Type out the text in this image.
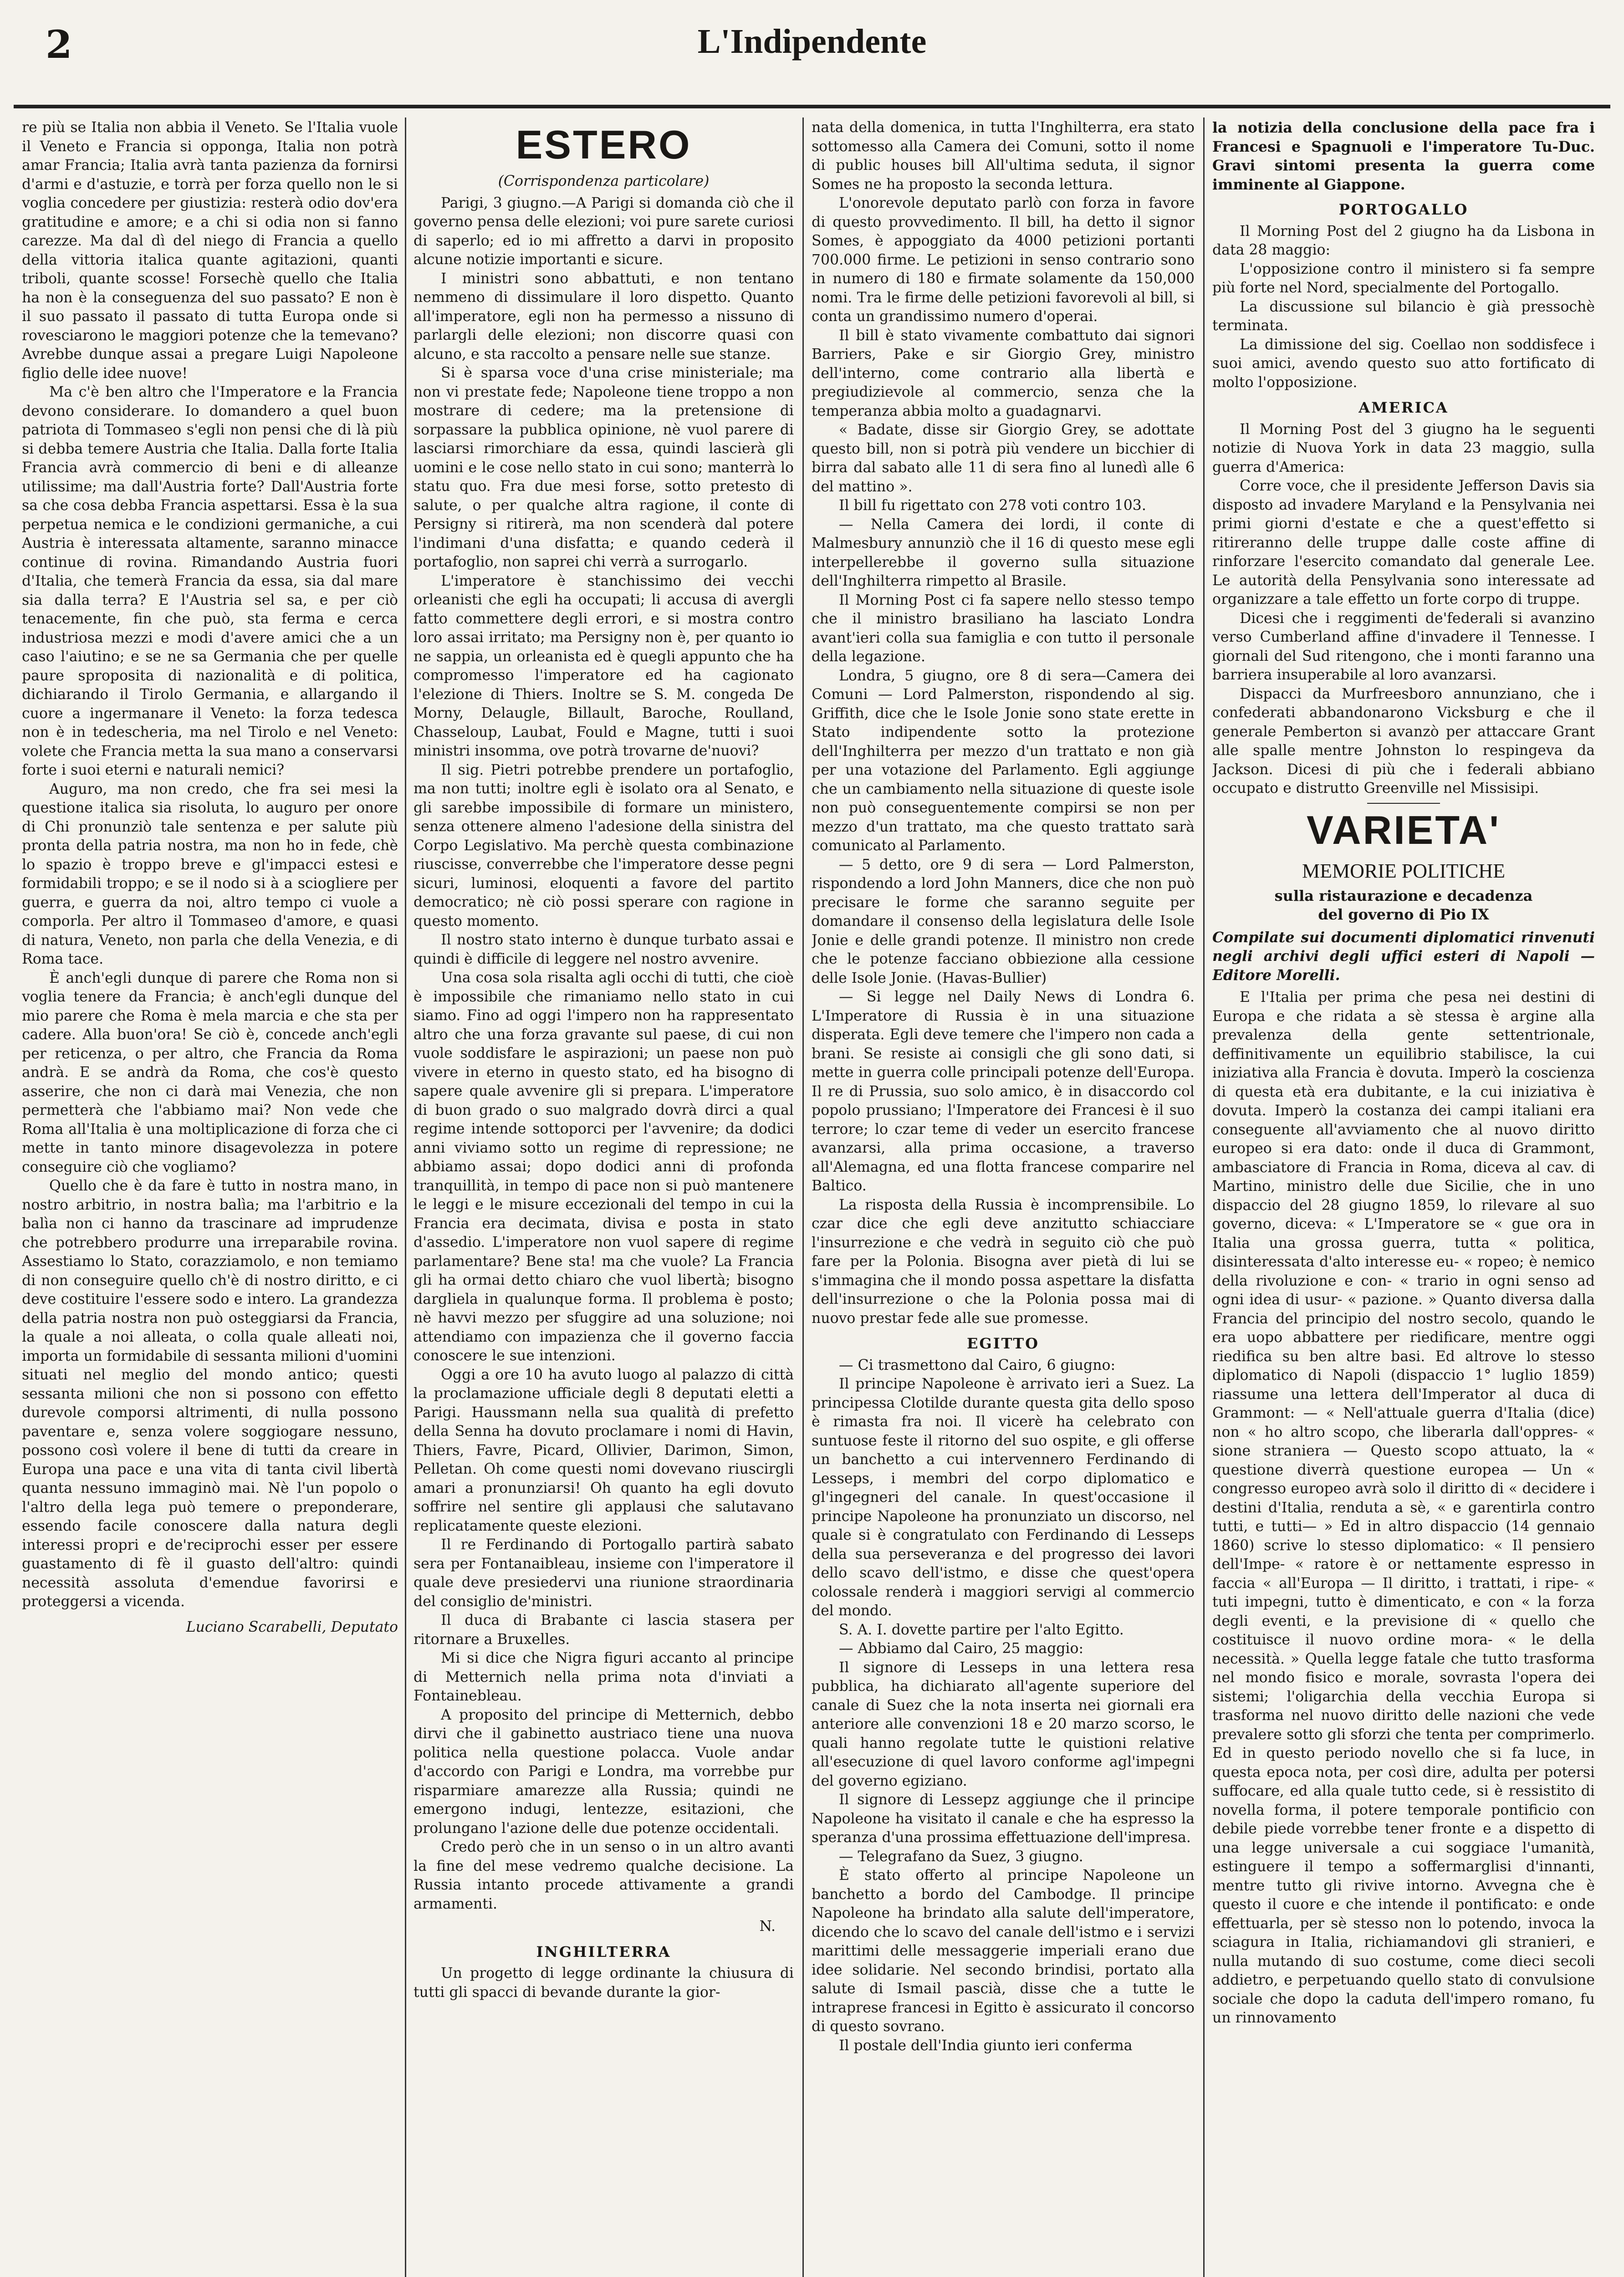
2	L'Indipendente

re più se Italia non abbia il Veneto. Se l'Italia vuole il Veneto e Francia si opponga, Italia non potrà amar Francia; Italia avrà tanta pazienza da fornirsi d'armi e d'astuzie, e torrà per forza quello non le si voglia concedere per giustizia: resterà odio dov'era gratitudine e amore; e a chi si odia non si fanno carezze. Ma dal dì del niego di Francia a quello della vittoria italica quante agitazioni, quanti triboli, quante scosse! Forsechè quello che Italia ha non è la conseguenza del suo passato? E non è il suo passato il passato di tutta Europa onde si rovesciarono le maggiori potenze che la temevano? Avrebbe dunque assai a pregare Luigi Napoleone figlio delle idee nuove!

Ma c'è ben altro che l'Imperatore e la Francia devono considerare. Io domandero a quel buon patriota di Tommaseo s'egli non pensi che di là più si debba temere Austria che Italia. Dalla forte Italia Francia avrà commercio di beni e di alleanze utilissime; ma dall'Austria forte? Dall'Austria forte sa che cosa debba Francia aspettarsi. Essa è la sua perpetua nemica e le condizioni germaniche, a cui Austria è interessata altamente, saranno minacce continue di rovina. Rimandando Austria fuori d'Italia, che temerà Francia da essa, sia dal mare sia dalla terra? E l'Austria sel sa, e per ciò tenacemente, fin che può, sta ferma e cerca industriosa mezzi e modi d'avere amici che a un caso l'aiutino; e se ne sa Germania che per quelle paure sproposita di nazionalità e di politica, dichiarando il Tirolo Germania, e allargando il cuore a ingermanare il Veneto: la forza tedesca non è in tedescheria, ma nel Tirolo e nel Veneto: volete che Francia metta la sua mano a conservarsi forte i suoi eterni e naturali nemici?

Auguro, ma non credo, che fra sei mesi la questione italica sia risoluta, lo auguro per onore di Chi pronunziò tale sentenza e per salute più pronta della patria nostra, ma non ho in fede, chè lo spazio è troppo breve e gl'impacci estesi e formidabili troppo; e se il nodo si à a sciogliere per guerra, e guerra da noi, altro tempo ci vuole a comporla. Per altro il Tommaseo d'amore, e quasi di natura, Veneto, non parla che della Venezia, e di Roma tace.

È anch'egli dunque di parere che Roma non si voglia tenere da Francia; è anch'egli dunque del mio parere che Roma è mela marcia e che sta per cadere. Alla buon'ora! Se ciò è, concede anch'egli per reticenza, o per altro, che Francia da Roma andrà. E se andrà da Roma, che cos'è questo asserire, che non ci darà mai Venezia, che non permetterà che l'abbiamo mai? Non vede che Roma all'Italia è una moltiplicazione di forza che ci mette in tanto minore disagevolezza in potere conseguire ciò che vogliamo?

Quello che è da fare è tutto in nostra mano, in nostro arbitrio, in nostra balìa; ma l'arbitrio e la balìa non ci hanno da trascinare ad imprudenze che potrebbero produrre una irreparabile rovina. Assestiamo lo Stato, corazziamolo, e non temiamo di non conseguire quello ch'è di nostro diritto, e ci deve costituire l'essere sodo e intero. La grandezza della patria nostra non può osteggiarsi da Francia, la quale a noi alleata, o colla quale alleati noi, importa un formidabile di sessanta milioni d'uomini situati nel meglio del mondo antico; questi sessanta milioni che non si possono con effetto durevole comporsi altrimenti, di nulla possono paventare e, senza volere soggiogare nessuno, possono così volere il bene di tutti da creare in Europa una pace e una vita di tanta civil libertà quanta nessuno immaginò mai. Nè l'un popolo o l'altro della lega può temere o preponderare, essendo facile conoscere dalla natura degli interessi propri e de'reciprochi esser per essere guastamento di fè il guasto dell'altro: quindi necessità assoluta d'emendue favorirsi e proteggersi a vicenda.

Luciano Scarabelli, Deputato
ESTERO
(Corrispondenza particolare)

Parigi, 3 giugno.—A Parigi si domanda ciò che il governo pensa delle elezioni; voi pure sarete curiosi di saperlo; ed io mi affretto a darvi in proposito alcune notizie importanti e sicure.

I ministri sono abbattuti, e non tentano nemmeno di dissimulare il loro dispetto. Quanto all'imperatore, egli non ha permesso a nissuno di parlargli delle elezioni; non discorre quasi con alcuno, e sta raccolto a pensare nelle sue stanze.

Si è sparsa voce d'una crise ministeriale; ma non vi prestate fede; Napoleone tiene troppo a non mostrare di cedere; ma la pretensione di sorpassare la pubblica opinione, nè vuol parere di lasciarsi rimorchiare da essa, quindi lascierà gli uomini e le cose nello stato in cui sono; manterrà lo statu quo. Fra due mesi forse, sotto pretesto di salute, o per qualche altra ragione, il conte di Persigny si ritirerà, ma non scenderà dal potere l'indimani d'una disfatta; e quando cederà il portafoglio, non saprei chi verrà a surrogarlo.

L'imperatore è stanchissimo dei vecchi orleanisti che egli ha occupati; li accusa di avergli fatto commettere degli errori, e si mostra contro loro assai irritato; ma Persigny non è, per quanto io ne sappia, un orleanista ed è quegli appunto che ha compromesso l'imperatore ed ha cagionato l'elezione di Thiers. Inoltre se S. M. congeda De Morny, Delaugle, Billault, Baroche, Roulland, Chasseloup, Laubat, Fould e Magne, tutti i suoi ministri insomma, ove potrà trovarne de'nuovi?

Il sig. Pietri potrebbe prendere un portafoglio, ma non tutti; inoltre egli è isolato ora al Senato, e gli sarebbe impossibile di formare un ministero, senza ottenere almeno l'adesione della sinistra del Corpo Legislativo. Ma perchè questa combinazione riuscisse, converrebbe che l'imperatore desse pegni sicuri, luminosi, eloquenti a favore del partito democratico; nè ciò possi sperare con ragione in questo momento.

Il nostro stato interno è dunque turbato assai e quindi è difficile di leggere nel nostro avvenire.

Una cosa sola risalta agli occhi di tutti, che cioè è impossibile che rimaniamo nello stato in cui siamo. Fino ad oggi l'impero non ha rappresentato altro che una forza gravante sul paese, di cui non vuole soddisfare le aspirazioni; un paese non può vivere in eterno in questo stato, ed ha bisogno di sapere quale avvenire gli si prepara. L'imperatore di buon grado o suo malgrado dovrà dirci a qual regime intende sottoporci per l'avvenire; da dodici anni viviamo sotto un regime di repressione; ne abbiamo assai; dopo dodici anni di profonda tranquillità, in tempo di pace non si può mantenere le leggi e le misure eccezionali del tempo in cui la Francia era decimata, divisa e posta in stato d'assedio. L'imperatore non vuol sapere di regime parlamentare? Bene sta! ma che vuole? La Francia gli ha ormai detto chiaro che vuol libertà; bisogno dargliela in qualunque forma. Il problema è posto; nè havvi mezzo per sfuggire ad una soluzione; noi attendiamo con impazienza che il governo faccia conoscere le sue intenzioni.

Oggi a ore 10 ha avuto luogo al palazzo di città la proclamazione ufficiale degli 8 deputati eletti a Parigi. Haussmann nella sua qualità di prefetto della Senna ha dovuto proclamare i nomi di Havin, Thiers, Favre, Picard, Ollivier, Darimon, Simon, Pelletan. Oh come questi nomi dovevano riuscirgli amari a pronunziarsi! Oh quanto ha egli dovuto soffrire nel sentire gli applausi che salutavano replicatamente queste elezioni.

Il re Ferdinando di Portogallo partirà sabato sera per Fontanaibleau, insieme con l'imperatore il quale deve presiedervi una riunione straordinaria del consiglio de'ministri.

Il duca di Brabante ci lascia stasera per ritornare a Bruxelles.

Mi si dice che Nigra figuri accanto al principe di Metternich nella prima nota d'inviati a Fontainebleau.

A proposito del principe di Metternich, debbo dirvi che il gabinetto austriaco tiene una nuova politica nella questione polacca. Vuole andar d'accordo con Parigi e Londra, ma vorrebbe pur risparmiare amarezze alla Russia; quindi ne emergono indugi, lentezze, esitazioni, che prolungano l'azione delle due potenze occidentali.

Credo però che in un senso o in un altro avanti la fine del mese vedremo qualche decisione. La Russia intanto procede attivamente a grandi armamenti.

N.
INGHILTERRA

Un progetto di legge ordinante la chiusura di tutti gli spacci di bevande durante la gior-

nata della domenica, in tutta l'Inghilterra, era stato sottomesso alla Camera dei Comuni, sotto il nome di public houses bill All'ultima seduta, il signor Somes ne ha proposto la seconda lettura.

L'onorevole deputato parlò con forza in favore di questo provvedimento. Il bill, ha detto il signor Somes, è appoggiato da 4000 petizioni portanti 700.000 firme. Le petizioni in senso contrario sono in numero di 180 e firmate solamente da 150,000 nomi. Tra le firme delle petizioni favorevoli al bill, si conta un grandissimo numero d'operai.

Il bill è stato vivamente combattuto dai signori Barriers, Pake e sir Giorgio Grey, ministro dell'interno, come contrario alla libertà e pregiudizievole al commercio, senza che la temperanza abbia molto a guadagnarvi.

« Badate, disse sir Giorgio Grey, se adottate questo bill, non si potrà più vendere un bicchier di birra dal sabato alle 11 di sera fino al lunedì alle 6 del mattino ».

Il bill fu rigettato con 278 voti contro 103.

— Nella Camera dei lordi, il conte di Malmesbury annunziò che il 16 di questo mese egli interpellerebbe il governo sulla situazione dell'Inghilterra rimpetto al Brasile.

Il Morning Post ci fa sapere nello stesso tempo che il ministro brasiliano ha lasciato Londra avant'ieri colla sua famiglia e con tutto il personale della legazione.

Londra, 5 giugno, ore 8 di sera—Camera dei Comuni — Lord Palmerston, rispondendo al sig. Griffith, dice che le Isole Jonie sono state erette in Stato indipendente sotto la protezione dell'Inghilterra per mezzo d'un trattato e non già per una votazione del Parlamento. Egli aggiunge che un cambiamento nella situazione di queste isole non può conseguentemente compirsi se non per mezzo d'un trattato, ma che questo trattato sarà comunicato al Parlamento.

— 5 detto, ore 9 di sera — Lord Palmerston, rispondendo a lord John Manners, dice che non può precisare le forme che saranno seguite per domandare il consenso della legislatura delle Isole Jonie e delle grandi potenze. Il ministro non crede che le potenze facciano obbiezione alla cessione delle Isole Jonie. (Havas-Bullier)

— Si legge nel Daily News di Londra 6. L'Imperatore di Russia è in una situazione disperata. Egli deve temere che l'impero non cada a brani. Se resiste ai consigli che gli sono dati, si mette in guerra colle principali potenze dell'Europa. Il re di Prussia, suo solo amico, è in disaccordo col popolo prussiano; l'Imperatore dei Francesi è il suo terrore; lo czar teme di veder un esercito francese avanzarsi, alla prima occasione, a traverso all'Alemagna, ed una flotta francese comparire nel Baltico.

La risposta della Russia è incomprensibile. Lo czar dice che egli deve anzitutto schiacciare l'insurrezione e che vedrà in seguito ciò che può fare per la Polonia. Bisogna aver pietà di lui se s'immagina che il mondo possa aspettare la disfatta dell'insurrezione o che la Polonia possa mai di nuovo prestar fede alle sue promesse.

EGITTO

— Ci trasmettono dal Cairo, 6 giugno:

Il principe Napoleone è arrivato ieri a Suez. La principessa Clotilde durante questa gita dello sposo è rimasta fra noi. Il vicerè ha celebrato con suntuose feste il ritorno del suo ospite, e gli offerse un banchetto a cui intervennero Ferdinando di Lesseps, i membri del corpo diplomatico e gl'ingegneri del canale. In quest'occasione il principe Napoleone ha pronunziato un discorso, nel quale si è congratulato con Ferdinando di Lesseps della sua perseveranza e del progresso dei lavori dello scavo dell'istmo, e disse che quest'opera colossale renderà i maggiori servigi al commercio del mondo.

S. A. I. dovette partire per l'alto Egitto.

— Abbiamo dal Cairo, 25 maggio:

Il signore di Lesseps in una lettera resa pubblica, ha dichiarato all'agente superiore del canale di Suez che la nota inserta nei giornali era anteriore alle convenzioni 18 e 20 marzo scorso, le quali hanno regolate tutte le quistioni relative all'esecuzione di quel lavoro conforme agl'impegni del governo egiziano.

Il signore di Lessepz aggiunge che il principe Napoleone ha visitato il canale e che ha espresso la speranza d'una prossima effettuazione dell'impresa.

— Telegrafano da Suez, 3 giugno.

È stato offerto al principe Napoleone un banchetto a bordo del Cambodge. Il principe Napoleone ha brindato alla salute dell'imperatore, dicendo che lo scavo del canale dell'istmo e i servizi marittimi delle messaggerie imperiali erano due idee solidarie. Nel secondo brindisi, portato alla salute di Ismail pascià, disse che a tutte le intraprese francesi in Egitto è assicurato il concorso di questo sovrano.

Il postale dell'India giunto ieri conferma

la notizia della conclusione della pace fra i Francesi e Spagnuoli e l'imperatore Tu-Duc. Gravi sintomi presenta la guerra come imminente al Giappone.

PORTOGALLO

Il Morning Post del 2 giugno ha da Lisbona in data 28 maggio:

L'opposizione contro il ministero si fa sempre più forte nel Nord, specialmente del Portogallo.

La discussione sul bilancio è già pressochè terminata.

La dimissione del sig. Coellao non soddisfece i suoi amici, avendo questo suo atto fortificato di molto l'opposizione.

AMERICA

Il Morning Post del 3 giugno ha le seguenti notizie di Nuova York in data 23 maggio, sulla guerra d'America:

Corre voce, che il presidente Jefferson Davis sia disposto ad invadere Maryland e la Pensylvania nei primi giorni d'estate e che a quest'effetto si ritireranno delle truppe dalle coste affine di rinforzare l'esercito comandato dal generale Lee. Le autorità della Pensylvania sono interessate ad organizzare a tale effetto un forte corpo di truppe.

Dicesi che i reggimenti de'federali si avanzino verso Cumberland affine d'invadere il Tennesse. I giornali del Sud ritengono, che i monti faranno una barriera insuperabile al loro avanzarsi.

Dispacci da Murfreesboro annunziano, che i confederati abbandonarono Vicksburg e che il generale Pemberton si avanzò per attaccare Grant alle spalle mentre Johnston lo respingeva da Jackson. Dicesi di più che i federali abbiano occupato e distrutto Greenville nel Missisipi.

VARIETA'
MEMORIE POLITICHE
sulla ristaurazione e decadenza
del governo di Pio IX

Compilate sui documenti diplomatici rinvenuti negli archivi degli uffici esteri di Napoli — Editore Morelli.

E l'Italia per prima che pesa nei destini di Europa e che ridata a sè stessa è argine alla prevalenza della gente settentrionale, deffinitivamente un equilibrio stabilisce, la cui iniziativa alla Francia è dovuta. Imperò la coscienza di questa età era dubitante, e la cui iniziativa è dovuta. Imperò la costanza dei campi italiani era conseguente all'avviamento che al nuovo diritto europeo si era dato: onde il duca di Grammont, ambasciatore di Francia in Roma, diceva al cav. di Martino, ministro delle due Sicilie, che in uno dispaccio del 28 giugno 1859, lo rilevare al suo governo, diceva: « L'Imperatore se « gue ora in Italia una grossa guerra, tutta « politica, disinteressata d'alto interesse eu- « ropeo; è nemico della rivoluzione e con- « trario in ogni senso ad ogni idea di usur- « pazione. » Quanto diversa dalla Francia del principio del nostro secolo, quando le era uopo abbattere per riedificare, mentre oggi riedifica su ben altre basi. Ed altrove lo stesso diplomatico di Napoli (dispaccio 1° luglio 1859) riassume una lettera dell'Imperator al duca di Grammont: — « Nell'attuale guerra d'Italia (dice) non « ho altro scopo, che liberarla dall'oppres- « sione straniera — Questo scopo attuato, la « questione diverrà questione europea — Un « congresso europeo avrà solo il diritto di « decidere i destini d'Italia, renduta a sè, « e garentirla contro tutti, e tutti— » Ed in altro dispaccio (14 gennaio 1860) scrive lo stesso diplomatico: « Il pensiero dell'Impe- « ratore è or nettamente espresso in faccia « all'Europa — Il diritto, i trattati, i ripe- « tuti impegni, tutto è dimenticato, e con « la forza degli eventi, e la previsione di « quello che costituisce il nuovo ordine mora- « le della necessità. » Quella legge fatale che tutto trasforma nel mondo fisico e morale, sovrasta l'opera dei sistemi; l'oligarchia della vecchia Europa si trasforma nel nuovo diritto delle nazioni che vede prevalere sotto gli sforzi che tenta per comprimerlo. Ed in questo periodo novello che si fa luce, in questa epoca nota, per così dire, adulta per potersi suffocare, ed alla quale tutto cede, si è ressistito di novella forma, il potere temporale pontificio con debile piede vorrebbe tener fronte e a dispetto di una legge universale a cui soggiace l'umanità, estinguere il tempo a soffermarglisi d'innanti, mentre tutto gli rivive intorno. Avvegna che è questo il cuore e che intende il pontificato: e onde effettuarla, per sè stesso non lo potendo, invoca la sciagura in Italia, richiamandovi gli stranieri, e nulla mutando di suo costume, come dieci secoli addietro, e perpetuando quello stato di convulsione sociale che dopo la caduta dell'impero romano, fu un rinnovamento
